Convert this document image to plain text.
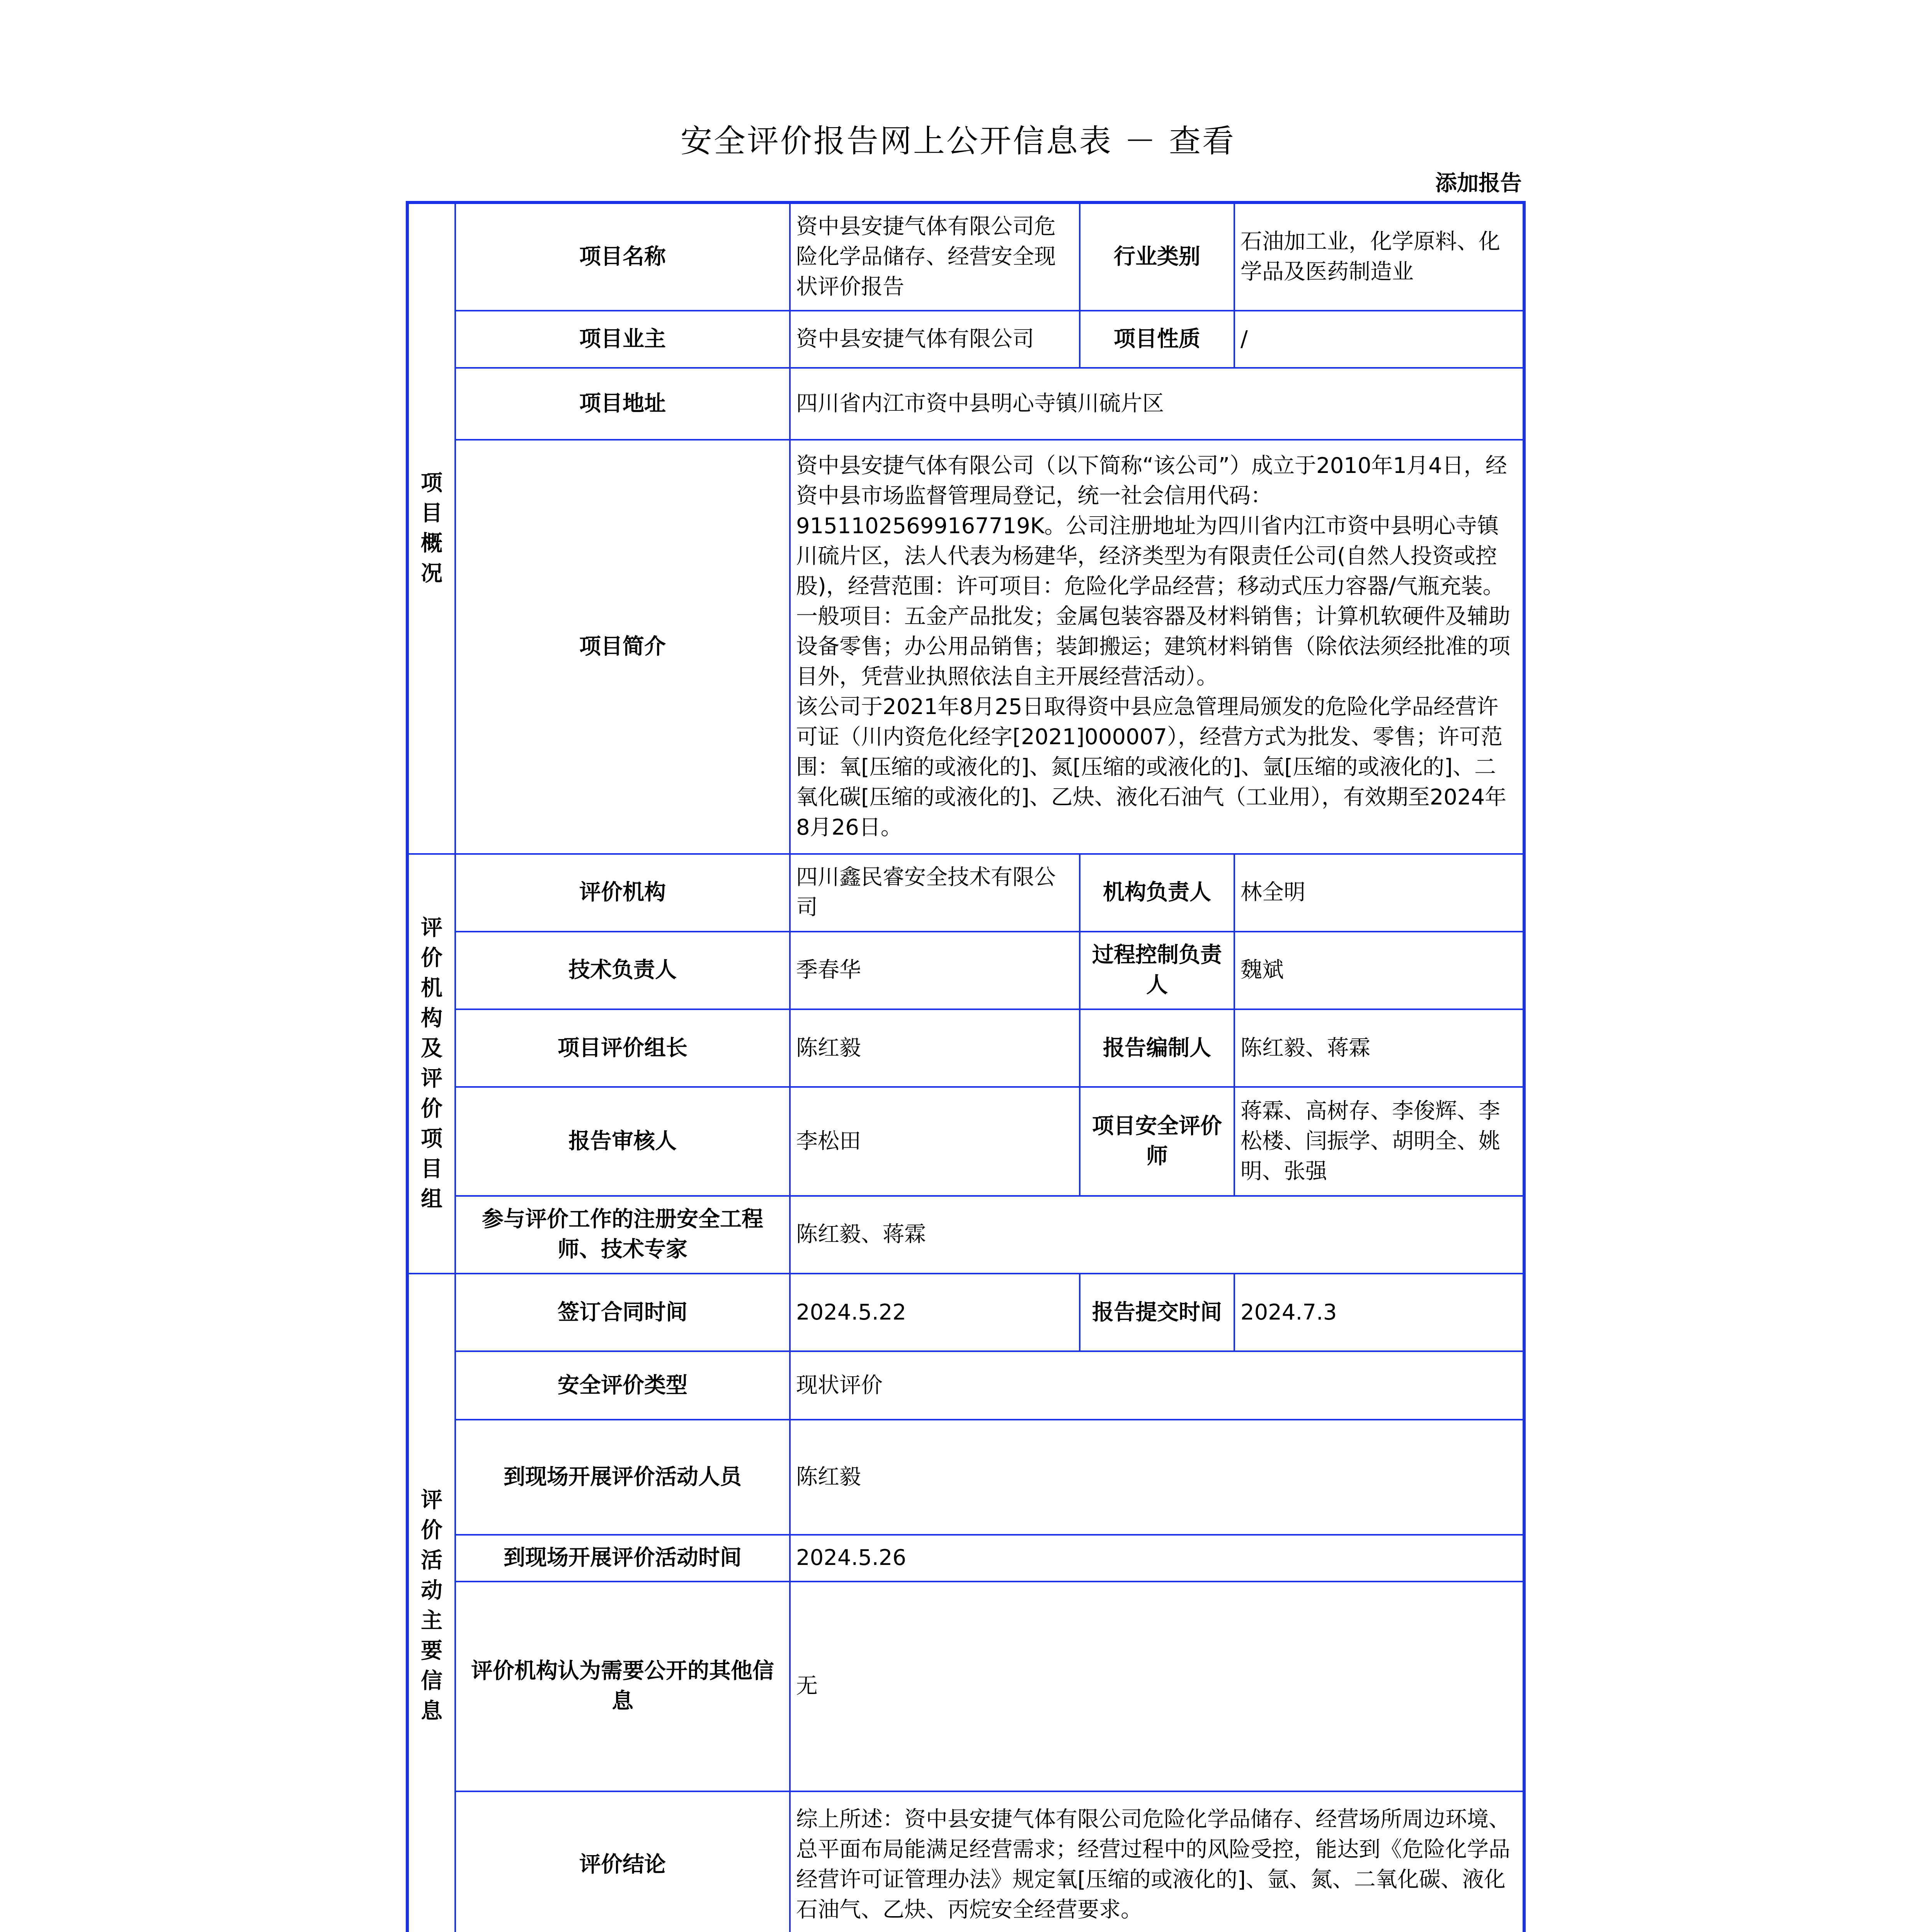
安全评价报告网上公开信息表 － 查看
添加报告
项目概况	项目名称	资中县安捷气体有限公司危险化学品储存、经营安全现状评价报告	行业类别	石油加工业，化学原料、化学品及医药制造业
	项目业主	资中县安捷气体有限公司	项目性质	/
	项目地址	四川省内江市资中县明心寺镇川硫片区		
	项目简介	资中县安捷气体有限公司（以下简称“该公司”）成立于2010年1月4日，经资中县市场监督管理局登记，统一社会信用代码：91511025699167719K。公司注册地址为四川省内江市资中县明心寺镇川硫片区，法人代表为杨建华，经济类型为有限责任公司(自然人投资或控股)，经营范围：许可项目：危险化学品经营；移动式压力容器/气瓶充装。一般项目：五金产品批发；金属包装容器及材料销售；计算机软硬件及辅助设备零售；办公用品销售；装卸搬运；建筑材料销售（除依法须经批准的项目外，凭营业执照依法自主开展经营活动）。
该公司于2021年8月25日取得资中县应急管理局颁发的危险化学品经营许可证（川内资危化经字[2021]000007），经营方式为批发、零售；许可范围：氧[压缩的或液化的]、氮[压缩的或液化的]、氩[压缩的或液化的]、二氧化碳[压缩的或液化的]、乙炔、液化石油气（工业用），有效期至2024年8月26日。		

评价机构及评价项目组	评价机构	四川鑫民睿安全技术有限公司	机构负责人	林全明
	技术负责人	季春华	过程控制负责人	魏斌
	项目评价组长	陈红毅	报告编制人	陈红毅、蒋霖
	报告审核人	李松田	项目安全评价师	蒋霖、高树存、李俊辉、李松楼、闫振学、胡明全、姚明、张强
	参与评价工作的注册安全工程师、技术专家	陈红毅、蒋霖		
评价活动主要信息	签订合同时间	2024.5.22	报告提交时间	2024.7.3
	安全评价类型	现状评价		
	到现场开展评价活动人员	陈红毅		
	到现场开展评价活动时间	2024.5.26		
	评价机构认为需要公开的其他信息	无		
	评价结论	综上所述：资中县安捷气体有限公司危险化学品储存、经营场所周边环境、总平面布局能满足经营需求；经营过程中的风险受控，能达到《危险化学品经营许可证管理办法》规定氧[压缩的或液化的]、氩、氮、二氧化碳、液化石油气、乙炔、丙烷安全经营要求。		
